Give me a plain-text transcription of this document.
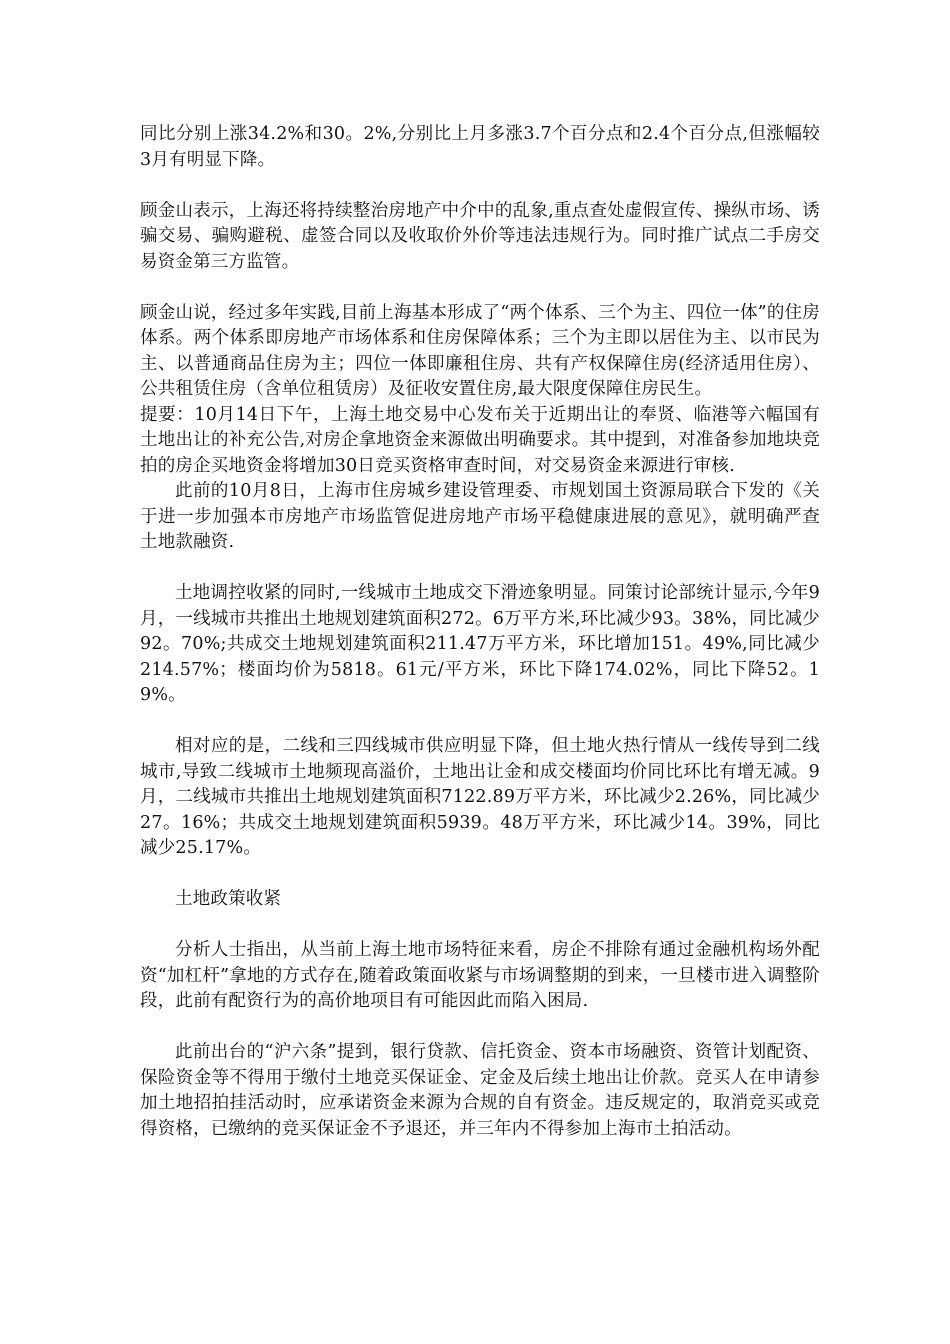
同比分别上涨34.2%和30。2%,分别比上月多涨3.7个百分点和2.4个百分点,但涨幅较3月有明显下降。

顾金山表示，上海还将持续整治房地产中介中的乱象,重点查处虚假宣传、操纵市场、诱骗交易、骗购避税、虚签合同以及收取价外价等违法违规行为。同时推广试点二手房交易资金第三方监管。

顾金山说，经过多年实践,目前上海基本形成了“两个体系、三个为主、四位一体”的住房体系。两个体系即房地产市场体系和住房保障体系；三个为主即以居住为主、以市民为主、以普通商品住房为主；四位一体即廉租住房、共有产权保障住房(经济适用住房）、公共租赁住房（含单位租赁房）及征收安置住房,最大限度保障住房民生。

提要：10月14日下午，上海土地交易中心发布关于近期出让的奉贤、临港等六幅国有土地出让的补充公告,对房企拿地资金来源做出明确要求。其中提到，对准备参加地块竞拍的房企买地资金将增加30日竞买资格审查时间，对交易资金来源进行审核.

此前的10月8日，上海市住房城乡建设管理委、市规划国土资源局联合下发的《关于进一步加强本市房地产市场监管促进房地产市场平稳健康进展的意见》，就明确严查土地款融资.

土地调控收紧的同时,一线城市土地成交下滑迹象明显。同策讨论部统计显示,今年9月，一线城市共推出土地规划建筑面积272。6万平方米,环比减少93。38%，同比减少92。70%;共成交土地规划建筑面积211.47万平方米，环比增加151。49%,同比减少214.57%；楼面均价为5818。61元/平方米，环比下降174.02%，同比下降52。19%。

相对应的是，二线和三四线城市供应明显下降，但土地火热行情从一线传导到二线城市,导致二线城市土地频现高溢价，土地出让金和成交楼面均价同比环比有增无减。9月，二线城市共推出土地规划建筑面积7122.89万平方米，环比减少2.26%，同比减少27。16%；共成交土地规划建筑面积5939。48万平方米，环比减少14。39%，同比减少25.17%。

土地政策收紧

分析人士指出，从当前上海土地市场特征来看，房企不排除有通过金融机构场外配资“加杠杆”拿地的方式存在,随着政策面收紧与市场调整期的到来，一旦楼市进入调整阶段，此前有配资行为的高价地项目有可能因此而陷入困局.

此前出台的“沪六条”提到，银行贷款、信托资金、资本市场融资、资管计划配资、保险资金等不得用于缴付土地竞买保证金、定金及后续土地出让价款。竞买人在申请参加土地招拍挂活动时，应承诺资金来源为合规的自有资金。违反规定的，取消竞买或竞得资格，已缴纳的竞买保证金不予退还，并三年内不得参加上海市土拍活动。
